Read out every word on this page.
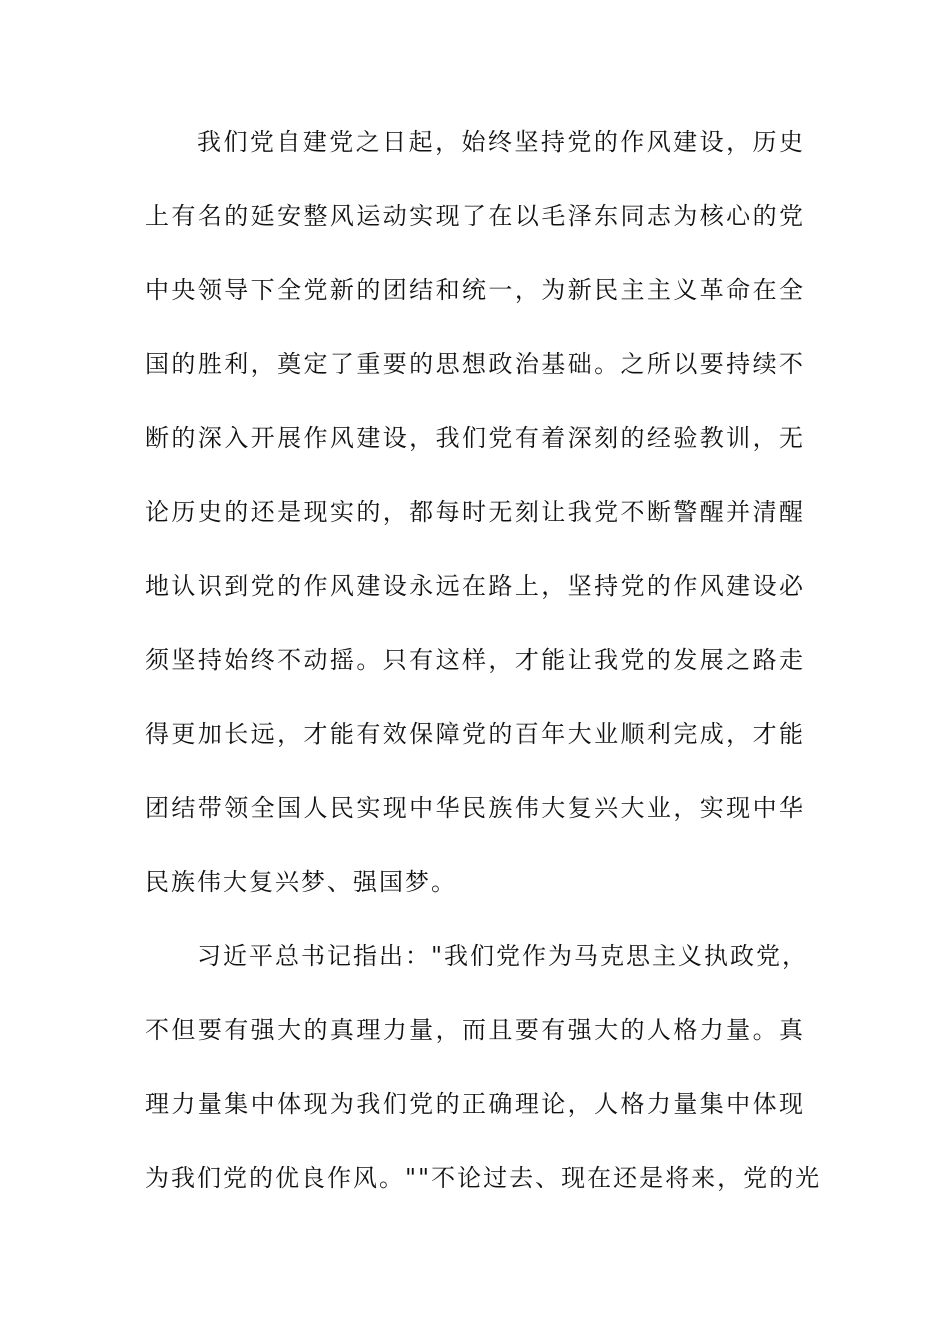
我们党自建党之日起，始终坚持党的作风建设，历史
上有名的延安整风运动实现了在以毛泽东同志为核心的党
中央领导下全党新的团结和统一，为新民主主义革命在全
国的胜利，奠定了重要的思想政治基础。之所以要持续不
断的深入开展作风建设，我们党有着深刻的经验教训，无
论历史的还是现实的，都每时无刻让我党不断警醒并清醒
地认识到党的作风建设永远在路上，坚持党的作风建设必
须坚持始终不动摇。只有这样，才能让我党的发展之路走
得更加长远，才能有效保障党的百年大业顺利完成，才能
团结带领全国人民实现中华民族伟大复兴大业，实现中华
民族伟大复兴梦、强国梦。
习近平总书记指出："我们党作为马克思主义执政党，
不但要有强大的真理力量，而且要有强大的人格力量。真
理力量集中体现为我们党的正确理论，人格力量集中体现
为我们党的优良作风。""不论过去、现在还是将来，党的光
